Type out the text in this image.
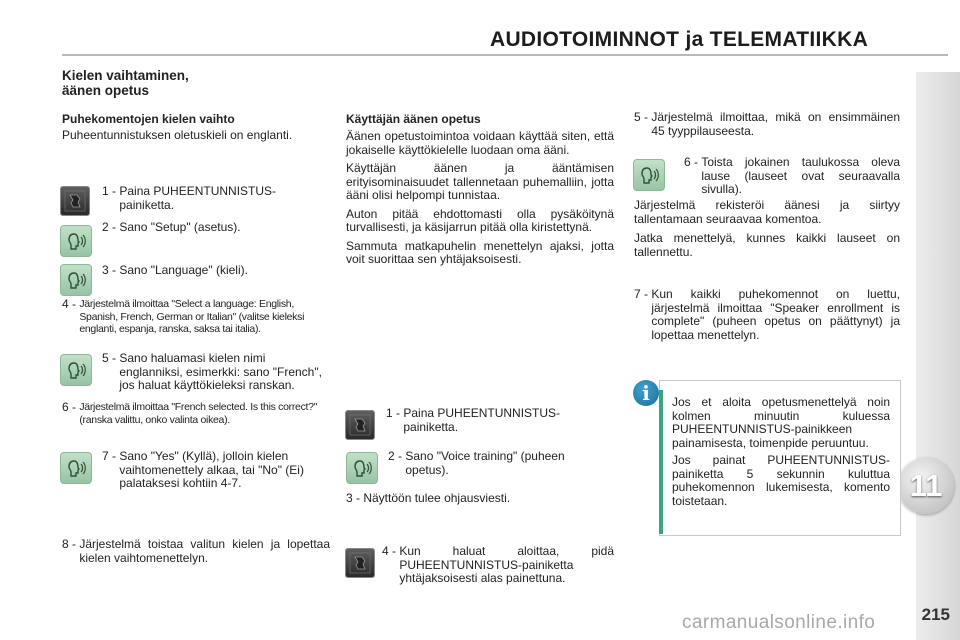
AUDIOTOIMINNOT ja TELEMATIIKKA
11
215
carmanualsonline.info
Kielen vaihtaminen,
äänen opetus
Puhekomentojen kielen vaihto
Puheentunnistuksen oletuskieli on englanti.
1 - Paina PUHEENTUNNISTUS-painiketta.
2 - Sano "Setup" (asetus).
3 - Sano "Language" (kieli).
4 - Järjestelmä ilmoittaa "Select a language: English, Spanish, French, German or Italian" (valitse kieleksi englanti, espanja, ranska, saksa tai italia).
5 - Sano haluamasi kielen nimi englanniksi, esimerkki: sano "French", jos haluat käyttökieleksi ranskan.
6 - Järjestelmä ilmoittaa "French selected. Is this correct?" (ranska valittu, onko valinta oikea).
7 - Sano "Yes" (Kyllä), jolloin kielen vaihtomenettely alkaa, tai "No" (Ei) palataksesi kohtiin 4-7.
8 - Järjestelmä toistaa valitun kielen ja lopettaa kielen vaihtomenettelyn.
Käyttäjän äänen opetus
Äänen opetustoimintoa voidaan käyttää siten, että jokaiselle käyttökielelle luodaan oma ääni.
Käyttäjän äänen ja ääntämisen erityisominaisuudet tallennetaan puhemalliin, jotta ääni olisi helpompi tunnistaa.
Auton pitää ehdottomasti olla pysäköitynä turvallisesti, ja käsijarrun pitää olla kiristettynä.
Sammuta matkapuhelin menettelyn ajaksi, jotta voit suorittaa sen yhtäjaksoisesti.
1 - Paina PUHEENTUNNISTUS-painiketta.
2 - Sano "Voice training" (puheen opetus).
3 - Näyttöön tulee ohjausviesti.
4 - Kun haluat aloittaa, pidä PUHEENTUNNISTUS-painiketta yhtäjaksoisesti alas painettuna.
5 - Järjestelmä ilmoittaa, mikä on ensimmäinen 45 tyyppilauseesta.
6 - Toista jokainen taulukossa oleva lause (lauseet ovat seuraavalla sivulla).
Järjestelmä rekisteröi äänesi ja siirtyy tallentamaan seuraavaa komentoa.
Jatka menettelyä, kunnes kaikki lauseet on tallennettu.
7 - Kun kaikki puhekomennot on luettu, järjestelmä ilmoittaa "Speaker enrollment is complete" (puheen opetus on päättynyt) ja lopettaa menettelyn.
i	Jos et aloita opetusmenettelyä noin kolmen minuutin kuluessa PUHEENTUNNISTUS-painikkeen painamisesta, toimenpide peruuntuu.
Jos painat PUHEENTUNNISTUS-painiketta 5 sekunnin kuluttua puhekomennon lukemisesta, komento toistetaan.
